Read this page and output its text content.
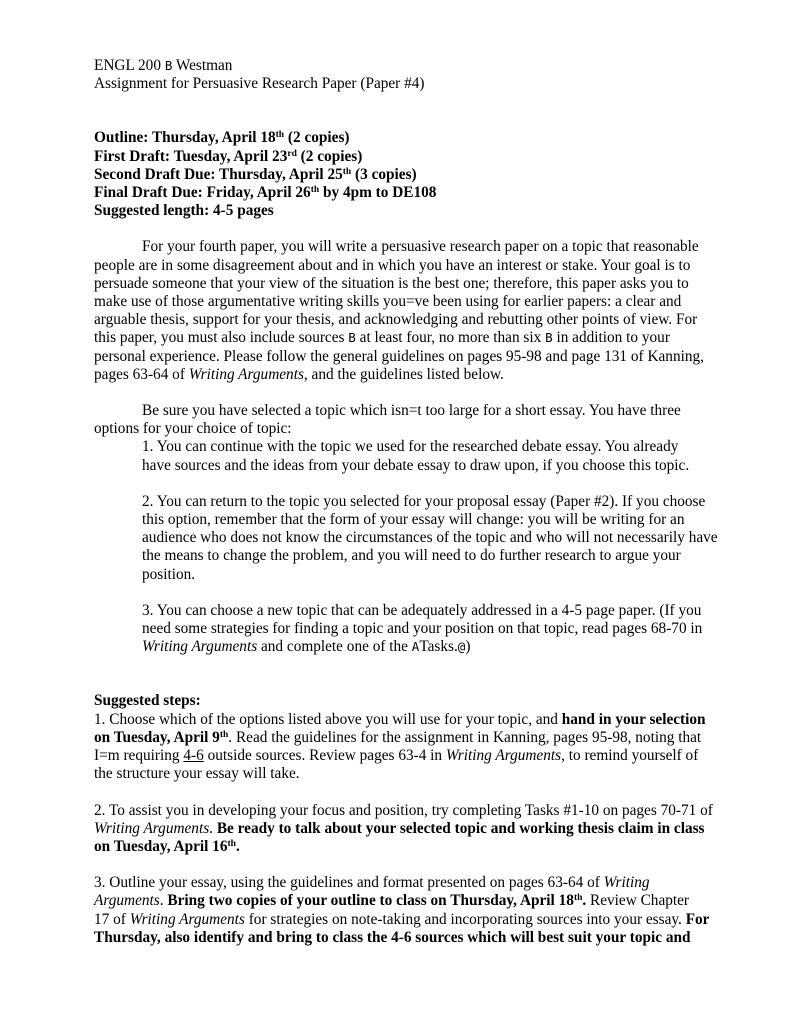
ENGL 200 B Westman
Assignment for Persuasive Research Paper (Paper #4)
Outline: Thursday, April 18th (2 copies)
First Draft: Tuesday, April 23rd (2 copies)
Second Draft Due: Thursday, April 25th (3 copies)
Final Draft Due: Friday, April 26th by 4pm to DE108
Suggested length: 4-5 pages
For your fourth paper, you will write a persuasive research paper on a topic that reasonable
people are in some disagreement about and in which you have an interest or stake. Your goal is to
persuade someone that your view of the situation is the best one; therefore, this paper asks you to
make use of those argumentative writing skills you=ve been using for earlier papers: a clear and
arguable thesis, support for your thesis, and acknowledging and rebutting other points of view. For
this paper, you must also include sources B at least four, no more than six B in addition to your
personal experience. Please follow the general guidelines on pages 95-98 and page 131 of Kanning,
pages 63-64 of Writing Arguments, and the guidelines listed below.
Be sure you have selected a topic which isn=t too large for a short essay. You have three
options for your choice of topic:
1. You can continue with the topic we used for the researched debate essay. You already
have sources and the ideas from your debate essay to draw upon, if you choose this topic.
2. You can return to the topic you selected for your proposal essay (Paper #2). If you choose
this option, remember that the form of your essay will change: you will be writing for an
audience who does not know the circumstances of the topic and who will not necessarily have
the means to change the problem, and you will need to do further research to argue your
position.
3. You can choose a new topic that can be adequately addressed in a 4-5 page paper. (If you
need some strategies for finding a topic and your position on that topic, read pages 68-70 in
Writing Arguments and complete one of the ATasks.@)
Suggested steps:
1. Choose which of the options listed above you will use for your topic, and hand in your selection
on Tuesday, April 9th. Read the guidelines for the assignment in Kanning, pages 95-98, noting that
I=m requiring 4-6 outside sources. Review pages 63-4 in Writing Arguments, to remind yourself of
the structure your essay will take.
2. To assist you in developing your focus and position, try completing Tasks #1-10 on pages 70-71 of
Writing Arguments. Be ready to talk about your selected topic and working thesis claim in class
on Tuesday, April 16th.
3. Outline your essay, using the guidelines and format presented on pages 63-64 of Writing
Arguments. Bring two copies of your outline to class on Thursday, April 18th. Review Chapter
17 of Writing Arguments for strategies on note-taking and incorporating sources into your essay. For
Thursday, also identify and bring to class the 4-6 sources which will best suit your topic and
